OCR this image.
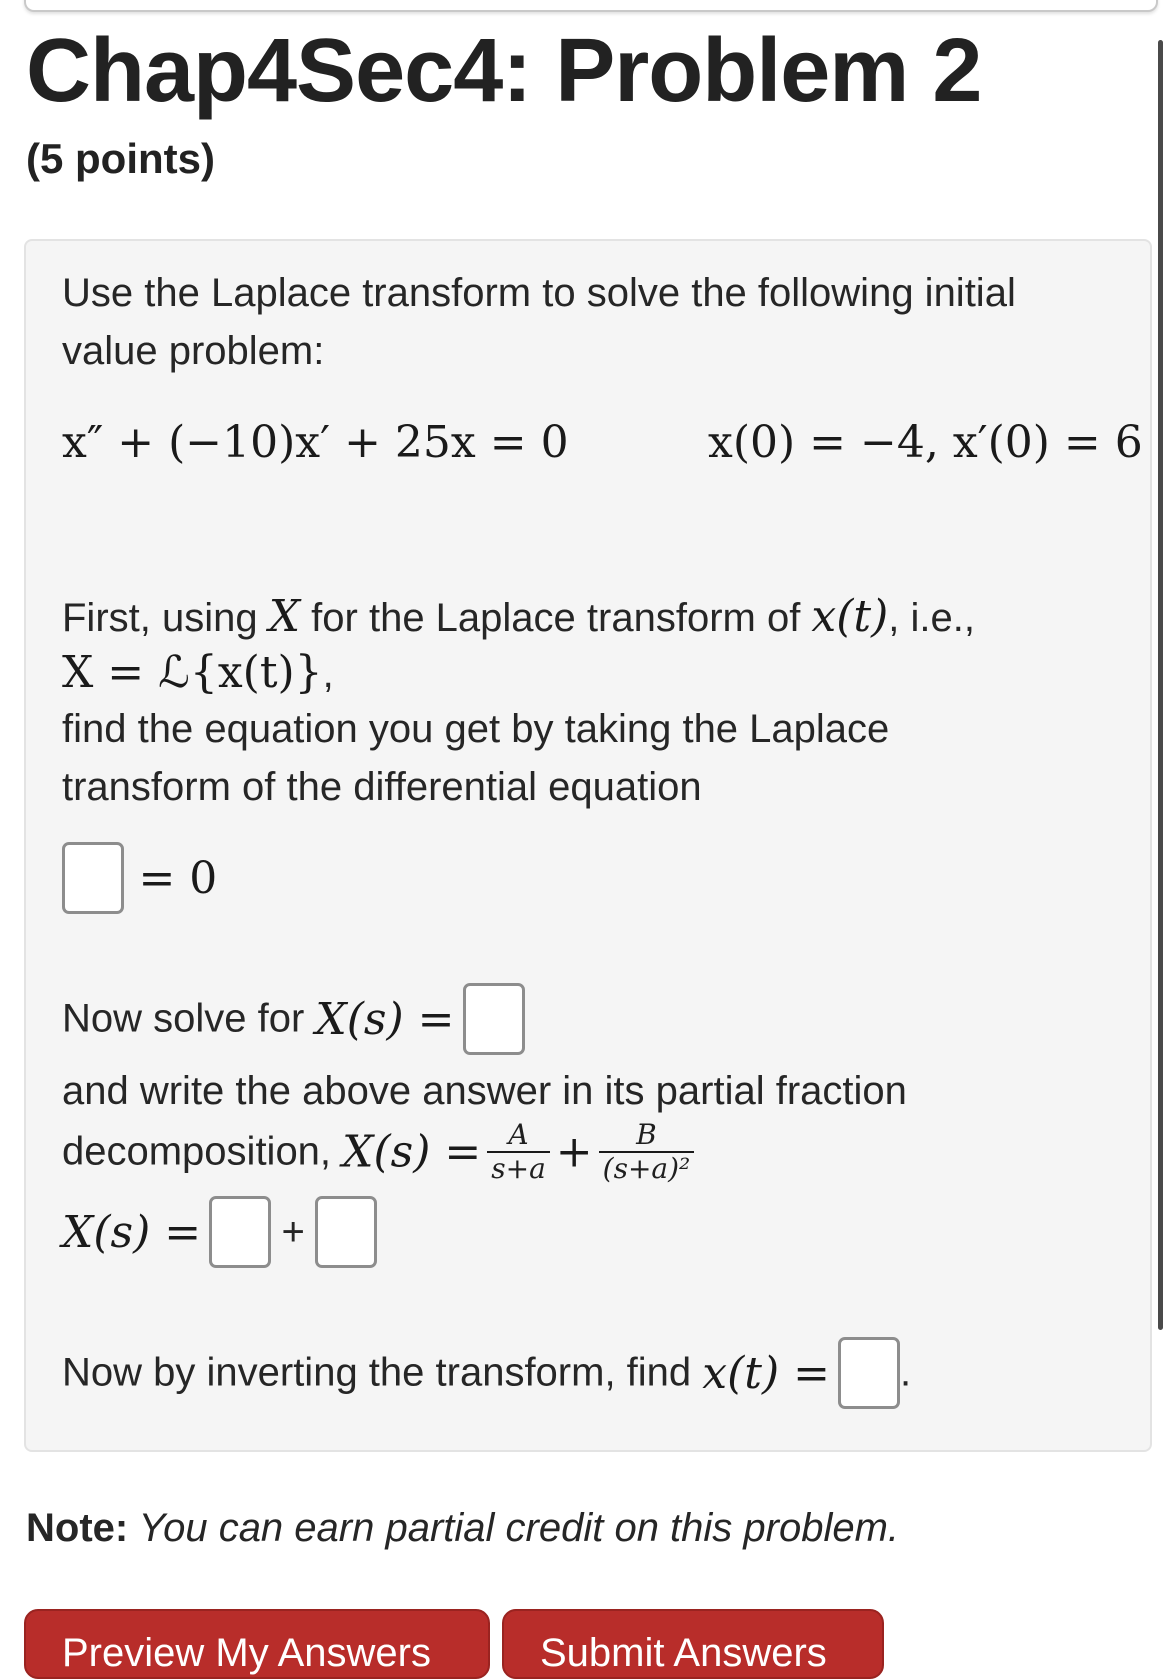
Chap4Sec4: Problem 2
(5 points)
Use the Laplace transform to solve the following initial
value problem:
x″ + (−10)x′ + 25x = 0	x(0) = −4, x′(0) = 6
First, using X for the Laplace transform of x(t), i.e.,
X = ℒ{x(t)},
find the equation you get by taking the Laplace
transform of the differential equation
= 0
Now solve for X(s) =
and write the above answer in its partial fraction
decomposition, $X(s) = \frac{A}{s+a} + \frac{B}{\text{(s+a)²}}$
X(s) = +
Now by inverting the transform, find x(t) = .
Note: You can earn partial credit on this problem.
Preview My Answers	Submit Answers
